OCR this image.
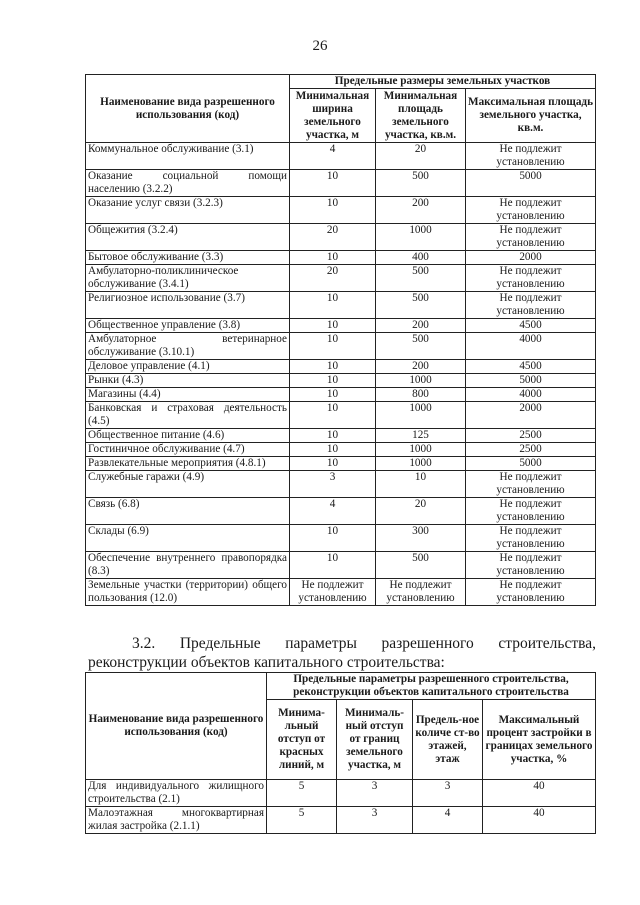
26
Наименование вида разрешенного использования (код)	Предельные размеры земельных участков		
	Минимальная ширина земельного участка, м	Минимальная площадь земельного участка, кв.м.	Максимальная площадь земельного участка, кв.м.
Коммунальное обслуживание (3.1)	4	20	Не подлежит установлению
Оказание социальной помощи населению (3.2.2)	10	500	5000
Оказание услуг связи (3.2.3)	10	200	Не подлежит установлению
Общежития (3.2.4)	20	1000	Не подлежит установлению
Бытовое обслуживание (3.3)	10	400	2000
Амбулаторно-поликлиническое обслуживание (3.4.1)	20	500	Не подлежит установлению
Религиозное использование (3.7)	10	500	Не подлежит установлению
Общественное управление (3.8)	10	200	4500
Амбулаторное ветеринарное обслуживание (3.10.1)	10	500	4000
Деловое управление (4.1)	10	200	4500
Рынки (4.3)	10	1000	5000
Магазины (4.4)	10	800	4000
Банковская и страховая деятельность (4.5)	10	1000	2000
Общественное питание (4.6)	10	125	2500
Гостиничное обслуживание (4.7)	10	1000	2500
Развлекательные мероприятия (4.8.1)	10	1000	5000
Служебные гаражи (4.9)	3	10	Не подлежит установлению
Связь (6.8)	4	20	Не подлежит установлению
Склады (6.9)	10	300	Не подлежит установлению
Обеспечение внутреннего правопорядка (8.3)	10	500	Не подлежит установлению
Земельные участки (территории) общего пользования (12.0)	Не подлежит установлению	Не подлежит установлению	Не подлежит установлению
3.2. Предельные параметры разрешенного строительства,
реконструкции объектов капитального строительства:
Наименование вида разрешенного использования (код)	Предельные параметры разрешенного строительства, реконструкции объектов капитального строительства			
	Минима-льный отступ от красных линий, м	Минималь-ный отступ от границ земельного участка, м	Предель-ное количе ст-во этажей, этаж	Максимальный процент застройки в границах земельного участка, %
Для индивидуального жилищного строительства (2.1)	5	3	3	40
Малоэтажная многоквартирная жилая застройка (2.1.1)	5	3	4	40
